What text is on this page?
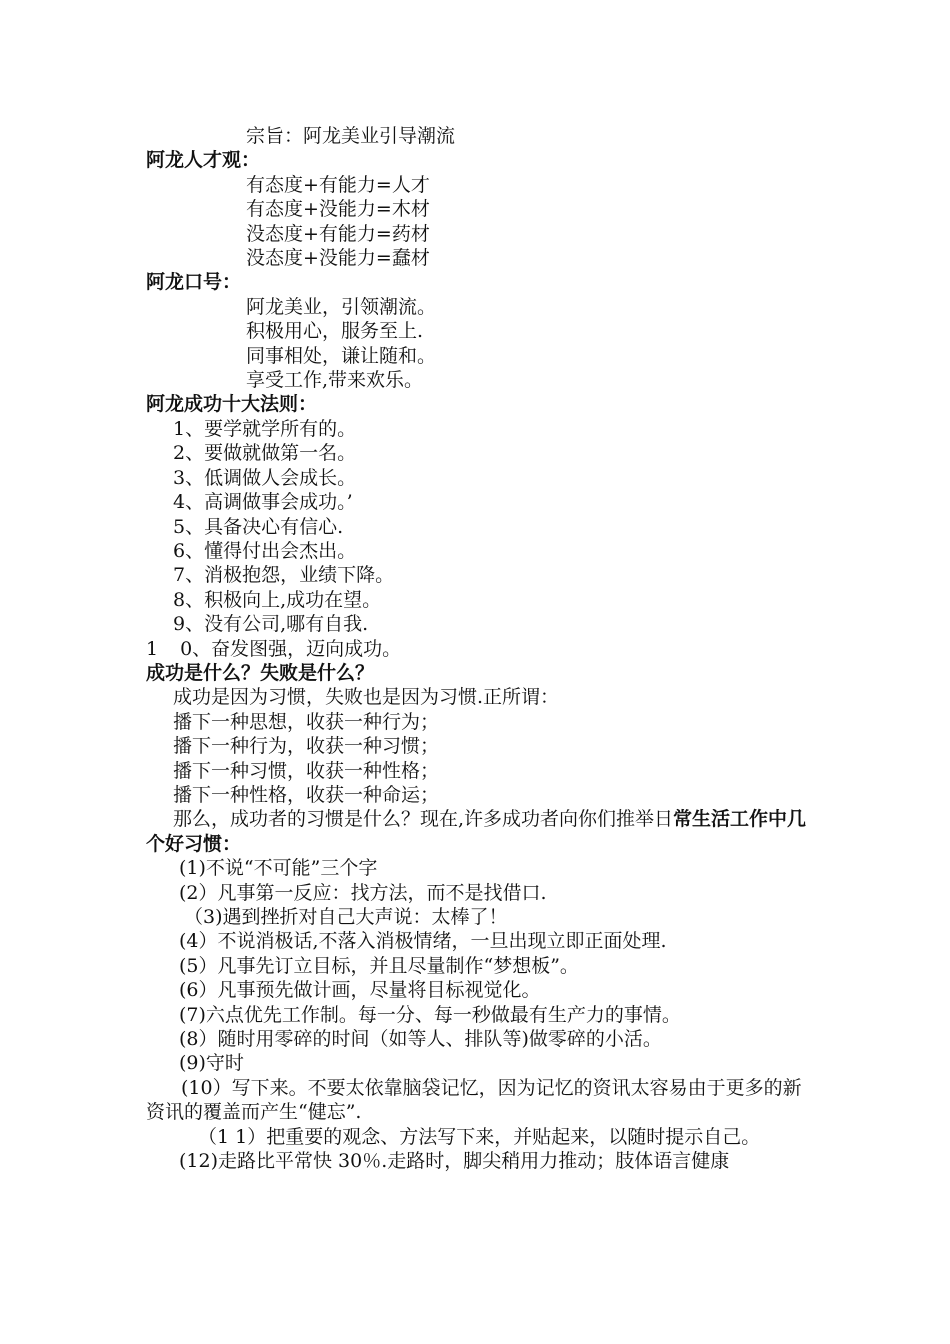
宗旨：阿龙美业引导潮流
阿龙人才观：
有态度+有能力=人才
有态度+没能力=木材
没态度+有能力=药材
没态度+没能力=蠢材
阿龙口号：
阿龙美业，引领潮流。
积极用心，服务至上.
同事相处，谦让随和。
享受工作,带来欢乐。
阿龙成功十大法则：
1、要学就学所有的。
2、要做就做第一名。
3、低调做人会成长。
4、高调做事会成功。’
5、具备决心有信心.
6、懂得付出会杰出。
7、消极抱怨，业绩下降。
8、积极向上,成功在望。
9、没有公司,哪有自我.
1 0、奋发图强，迈向成功。
成功是什么？失败是什么？
成功是因为习惯，失败也是因为习惯.正所谓：
播下一种思想，收获一种行为；
播下一种行为，收获一种习惯；
播下一种习惯，收获一种性格；
播下一种性格，收获一种命运；
那么，成功者的习惯是什么？现在,许多成功者向你们推举日常生活工作中几个好习惯：
(1)不说“不可能”三个字
(2）凡事第一反应：找方法，而不是找借口.
（3)遇到挫折对自己大声说：太棒了！
(4）不说消极话,不落入消极情绪，一旦出现立即正面处理.
(5）凡事先订立目标，并且尽量制作“梦想板”。
(6）凡事预先做计画，尽量将目标视觉化。
(7)六点优先工作制。每一分、每一秒做最有生产力的事情。
(8）随时用零碎的时间（如等人、排队等)做零碎的小活。
(9)守时
(10）写下来。不要太依靠脑袋记忆，因为记忆的资讯太容易由于更多的新资讯的覆盖而产生“健忘”.
（1 1）把重要的观念、方法写下来，并贴起来，以随时提示自己。
(12)走路比平常快 30％.走路时，脚尖稍用力推动；肢体语言健康
